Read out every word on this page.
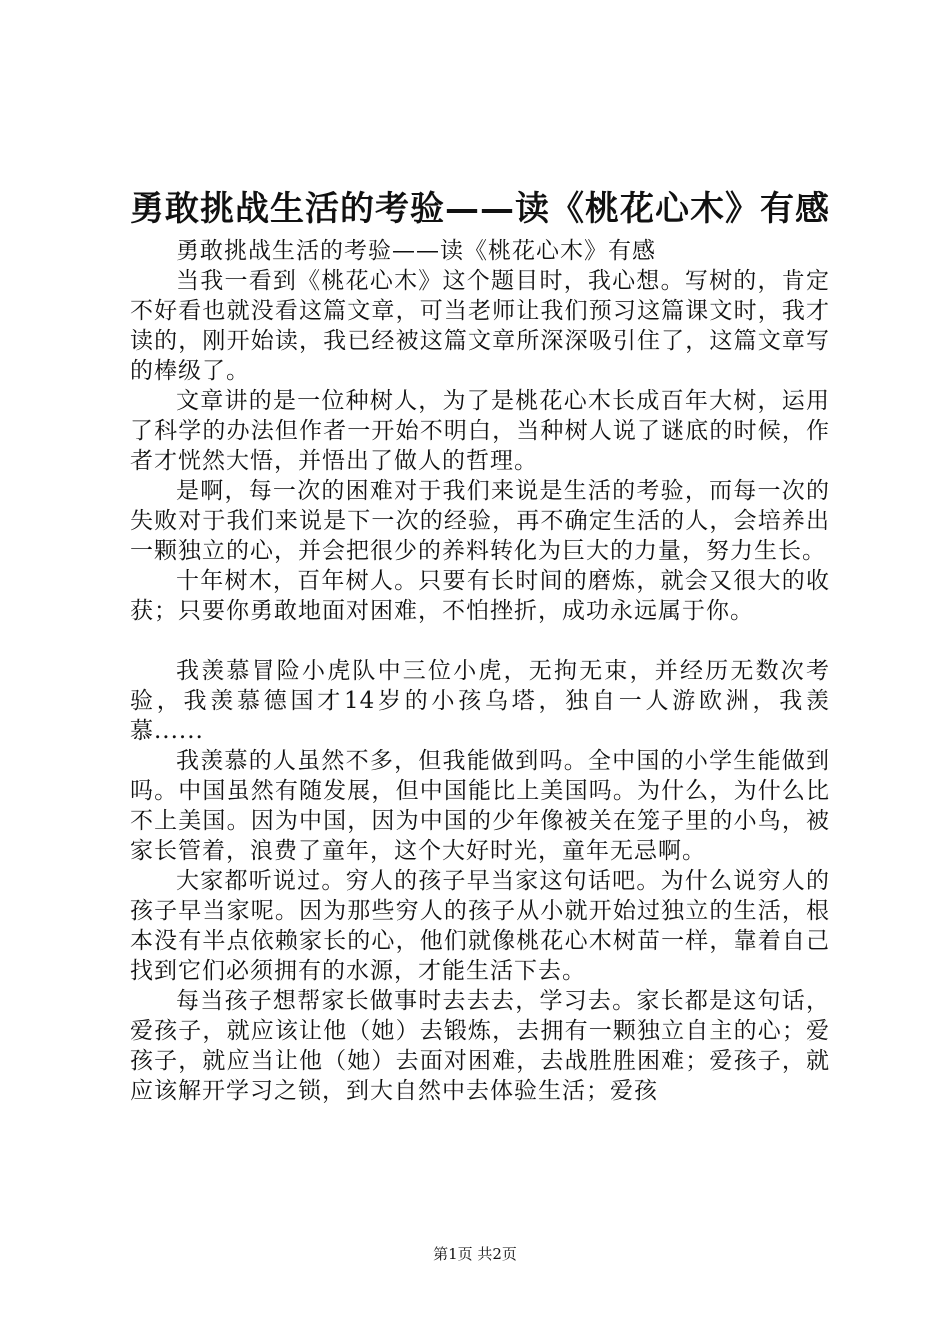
勇敢挑战生活的考验——读《桃花心木》有感

勇敢挑战生活的考验——读《桃花心木》有感

当我一看到《桃花心木》这个题目时，我心想。写树的，肯定不好看也就没看这篇文章，可当老师让我们预习这篇课文时，我才读的，刚开始读，我已经被这篇文章所深深吸引住了，这篇文章写的棒级了。

文章讲的是一位种树人，为了是桃花心木长成百年大树，运用了科学的办法但作者一开始不明白，当种树人说了谜底的时候，作者才恍然大悟，并悟出了做人的哲理。

是啊，每一次的困难对于我们来说是生活的考验，而每一次的失败对于我们来说是下一次的经验，再不确定生活的人，会培养出一颗独立的心，并会把很少的养料转化为巨大的力量，努力生长。

十年树木，百年树人。只要有长时间的磨炼，就会又很大的收获；只要你勇敢地面对困难，不怕挫折，成功永远属于你。

我羡慕冒险小虎队中三位小虎，无拘无束，并经历无数次考验，我羡慕德国才14岁的小孩乌塔，独自一人游欧洲，我羡慕......

我羡慕的人虽然不多，但我能做到吗。全中国的小学生能做到吗。中国虽然有随发展，但中国能比上美国吗。为什么，为什么比不上美国。因为中国，因为中国的少年像被关在笼子里的小鸟，被家长管着，浪费了童年，这个大好时光，童年无忌啊。

大家都听说过。穷人的孩子早当家这句话吧。为什么说穷人的孩子早当家呢。因为那些穷人的孩子从小就开始过独立的生活，根本没有半点依赖家长的心，他们就像桃花心木树苗一样，靠着自己找到它们必须拥有的水源，才能生活下去。

每当孩子想帮家长做事时去去去，学习去。家长都是这句话，爱孩子，就应该让他（她）去锻炼，去拥有一颗独立自主的心；爱孩子，就应当让他（她）去面对困难，去战胜胜困难；爱孩子，就应该解开学习之锁，到大自然中去体验生活；爱孩

第1页 共2页
